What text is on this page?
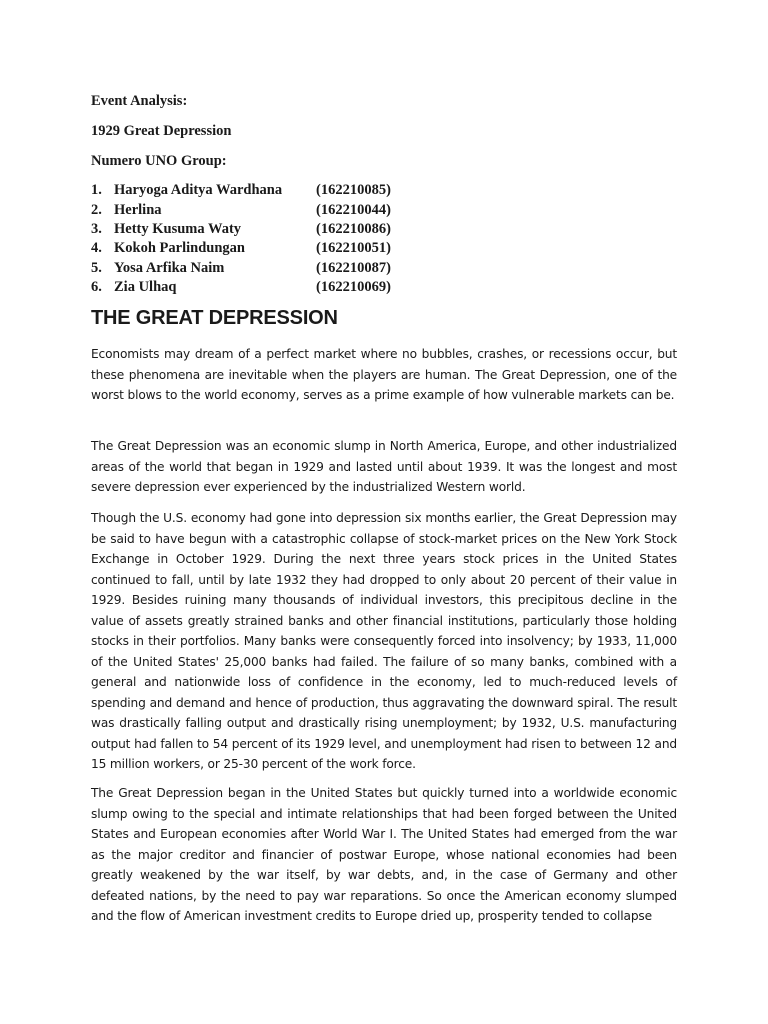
Event Analysis:
1929 Great Depression
Numero UNO Group:
1. Haryoga Aditya Wardhana (162210085)
2. Herlina	(162210044)
3. Hetty Kusuma Waty	(162210086)
4. Kokoh Parlindungan	(162210051)
5. Yosa Arfika Naim	(162210087)
6. Zia Ulhaq	(162210069)
THE GREAT DEPRESSION

Economists may dream of a perfect market where no bubbles, crashes, or recessions occur, but these phenomena are inevitable when the players are human. The Great Depression, one of the worst blows to the world economy, serves as a prime example of how vulnerable markets can be.

The Great Depression was an economic slump in North America, Europe, and other industrialized areas of the world that began in 1929 and lasted until about 1939. It was the longest and most severe depression ever experienced by the industrialized Western world.

Though the U.S. economy had gone into depression six months earlier, the Great Depression may be said to have begun with a catastrophic collapse of stock-market prices on the New York Stock Exchange in October 1929. During the next three years stock prices in the United States continued to fall, until by late 1932 they had dropped to only about 20 percent of their value in 1929. Besides ruining many thousands of individual investors, this precipitous decline in the value of assets greatly strained banks and other financial institutions, particularly those holding stocks in their portfolios. Many banks were consequently forced into insolvency; by 1933, 11,000 of the United States' 25,000 banks had failed. The failure of so many banks, combined with a general and nationwide loss of confidence in the economy, led to much-reduced levels of spending and demand and hence of production, thus aggravating the downward spiral. The result was drastically falling output and drastically rising unemployment; by 1932, U.S. manufacturing output had fallen to 54 percent of its 1929 level, and unemployment had risen to between 12 and 15 million workers, or 25-30 percent of the work force.

The Great Depression began in the United States but quickly turned into a worldwide economic slump owing to the special and intimate relationships that had been forged between the United States and European economies after World War I. The United States had emerged from the war as the major creditor and financier of postwar Europe, whose national economies had been greatly weakened by the war itself, by war debts, and, in the case of Germany and other defeated nations, by the need to pay war reparations. So once the American economy slumped and the flow of American investment credits to Europe dried up, prosperity tended to collapse
